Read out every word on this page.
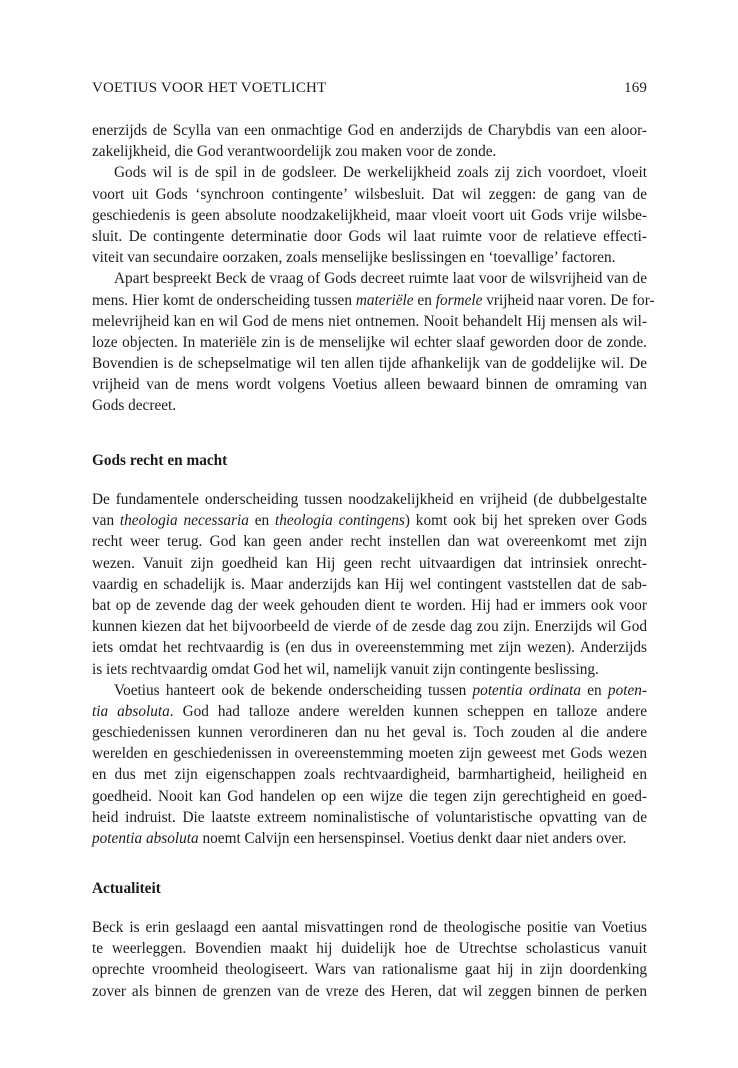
VOETIUS VOOR HET VOETLICHT	169
enerzijds de Scylla van een onmachtige God en anderzijds de Charybdis van een aloor-
zakelijkheid, die God verantwoordelijk zou maken voor de zonde.
Gods wil is de spil in de godsleer. De werkelijkheid zoals zij zich voordoet, vloeit
voort uit Gods ‘synchroon contingente’ wilsbesluit. Dat wil zeggen: de gang van de
geschiedenis is geen absolute noodzakelijkheid, maar vloeit voort uit Gods vrije wilsbe-
sluit. De contingente determinatie door Gods wil laat ruimte voor de relatieve effecti-
viteit van secundaire oorzaken, zoals menselijke beslissingen en ‘toevallige’ factoren.
Apart bespreekt Beck de vraag of Gods decreet ruimte laat voor de wilsvrijheid van de
mens. Hier komt de onderscheiding tussen materiële en formele vrijheid naar voren. De for-
melevrijheid kan en wil God de mens niet ontnemen. Nooit behandelt Hij mensen als wil-
loze objecten. In materiële zin is de menselijke wil echter slaaf geworden door de zonde.
Bovendien is de schepselmatige wil ten allen tijde afhankelijk van de goddelijke wil. De
vrijheid van de mens wordt volgens Voetius alleen bewaard binnen de omraming van
Gods decreet.
Gods recht en macht
De fundamentele onderscheiding tussen noodzakelijkheid en vrijheid (de dubbelgestalte
van theologia necessaria en theologia contingens) komt ook bij het spreken over Gods
recht weer terug. God kan geen ander recht instellen dan wat overeenkomt met zijn
wezen. Vanuit zijn goedheid kan Hij geen recht uitvaardigen dat intrinsiek onrecht-
vaardig en schadelijk is. Maar anderzijds kan Hij wel contingent vaststellen dat de sab-
bat op de zevende dag der week gehouden dient te worden. Hij had er immers ook voor
kunnen kiezen dat het bijvoorbeeld de vierde of de zesde dag zou zijn. Enerzijds wil God
iets omdat het rechtvaardig is (en dus in overeenstemming met zijn wezen). Anderzijds
is iets rechtvaardig omdat God het wil, namelijk vanuit zijn contingente beslissing.
Voetius hanteert ook de bekende onderscheiding tussen potentia ordinata en poten-
tia absoluta. God had talloze andere werelden kunnen scheppen en talloze andere
geschiedenissen kunnen verordineren dan nu het geval is. Toch zouden al die andere
werelden en geschiedenissen in overeenstemming moeten zijn geweest met Gods wezen
en dus met zijn eigenschappen zoals rechtvaardigheid, barmhartigheid, heiligheid en
goedheid. Nooit kan God handelen op een wijze die tegen zijn gerechtigheid en goed-
heid indruist. Die laatste extreem nominalistische of voluntaristische opvatting van de
potentia absoluta noemt Calvijn een hersenspinsel. Voetius denkt daar niet anders over.
Actualiteit
Beck is erin geslaagd een aantal misvattingen rond de theologische positie van Voetius
te weerleggen. Bovendien maakt hij duidelijk hoe de Utrechtse scholasticus vanuit
oprechte vroomheid theologiseert. Wars van rationalisme gaat hij in zijn doordenking
zover als binnen de grenzen van de vreze des Heren, dat wil zeggen binnen de perken
